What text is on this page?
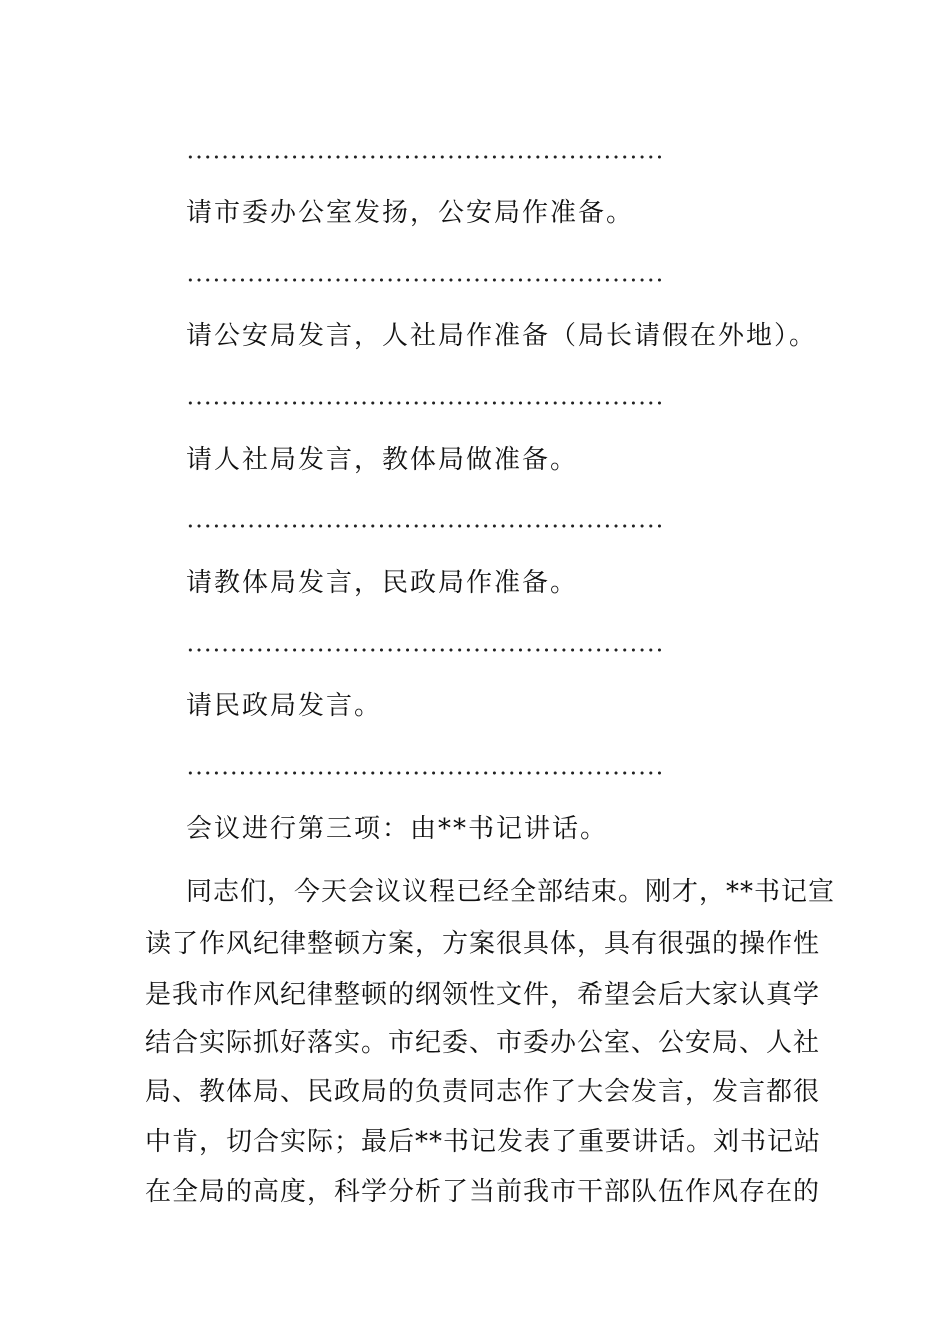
请市委办公室发扬，公安局作准备。
请公安局发言，人社局作准备（局长请假在外地）。
请人社局发言，教体局做准备。
请教体局发言，民政局作准备。
请民政局发言。
会议进行第三项：由**书记讲话。
同志们，今天会议议程已经全部结束。刚才，**书记宣
读了作风纪律整顿方案，方案很具体，具有很强的操作性
是我市作风纪律整顿的纲领性文件，希望会后大家认真学
结合实际抓好落实。市纪委、市委办公室、公安局、人社
局、教体局、民政局的负责同志作了大会发言，发言都很
中肯，切合实际；最后**书记发表了重要讲话。刘书记站
在全局的高度，科学分析了当前我市干部队伍作风存在的
